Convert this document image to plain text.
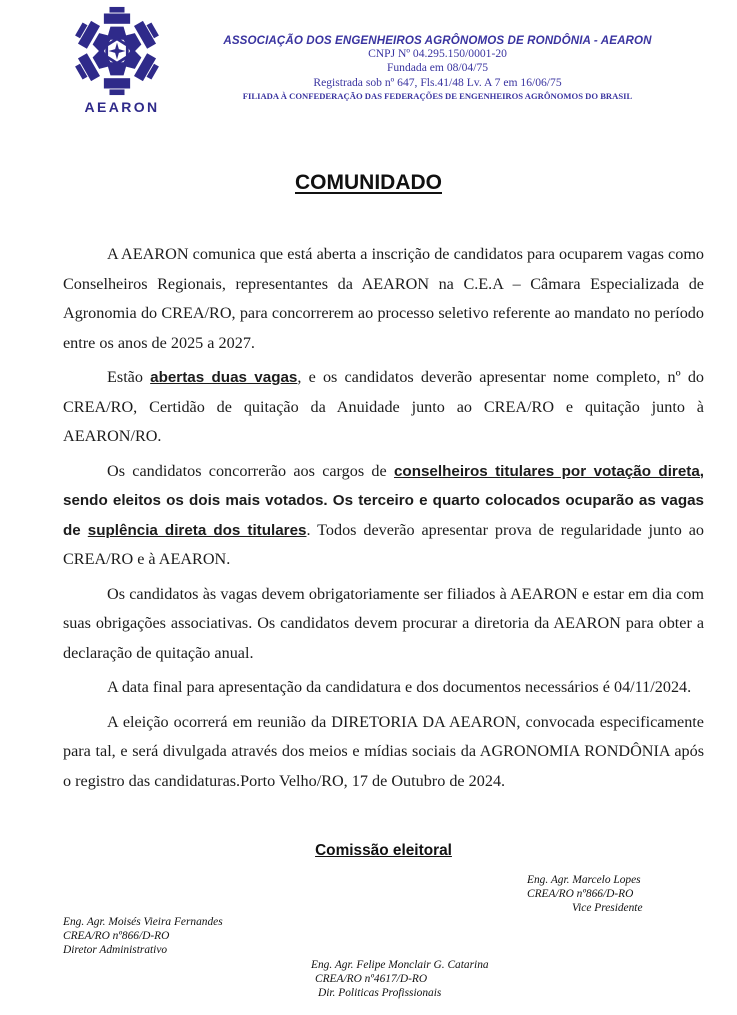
AEARON
ASSOCIAÇÃO DOS ENGENHEIROS AGRÔNOMOS DE RONDÔNIA - AEARON
CNPJ Nº 04.295.150/0001-20
Fundada em 08/04/75
Registrada sob nº 647, Fls.41/48 Lv. A 7 em 16/06/75
FILIADA À CONFEDERAÇÃO DAS FEDERAÇÕES DE ENGENHEIROS AGRÔNOMOS DO BRASIL
COMUNIDADO

A AEARON comunica que está aberta a inscrição de candidatos para ocuparem vagas como Conselheiros Regionais, representantes da AEARON na C.E.A – Câmara Especializada de Agronomia do CREA/RO, para concorrerem ao processo seletivo referente ao mandato no período entre os anos de 2025 a 2027.

Estão abertas duas vagas, e os candidatos deverão apresentar nome completo, nº do CREA/RO, Certidão de quitação da Anuidade junto ao CREA/RO e quitação junto à AEARON/RO.

Os candidatos concorrerão aos cargos de conselheiros titulares por votação direta, sendo eleitos os dois mais votados. Os terceiro e quarto colocados ocuparão as vagas de suplência direta dos titulares. Todos deverão apresentar prova de regularidade junto ao CREA/RO e à AEARON.

Os candidatos às vagas devem obrigatoriamente ser filiados à AEARON e estar em dia com suas obrigações associativas. Os candidatos devem procurar a diretoria da AEARON para obter a declaração de quitação anual.

A data final para apresentação da candidatura e dos documentos necessários é 04/11/2024.

A eleição ocorrerá em reunião da DIRETORIA DA AEARON, convocada especificamente para tal, e será divulgada através dos meios e mídias sociais da AGRONOMIA RONDÔNIA após o registro das candidaturas.Porto Velho/RO, 17 de Outubro de 2024.

Comissão eleitoral
Eng. Agr. Marcelo Lopes
CREA/RO nº866/D-RO
Vice Presidente
Eng. Agr. Moisés Vieira Fernandes
CREA/RO nº866/D-RO
Diretor Administrativo
Eng. Agr. Felipe Monclair G. Catarina
CREA/RO nº4617/D-RO
Dir. Politicas Profissionais
